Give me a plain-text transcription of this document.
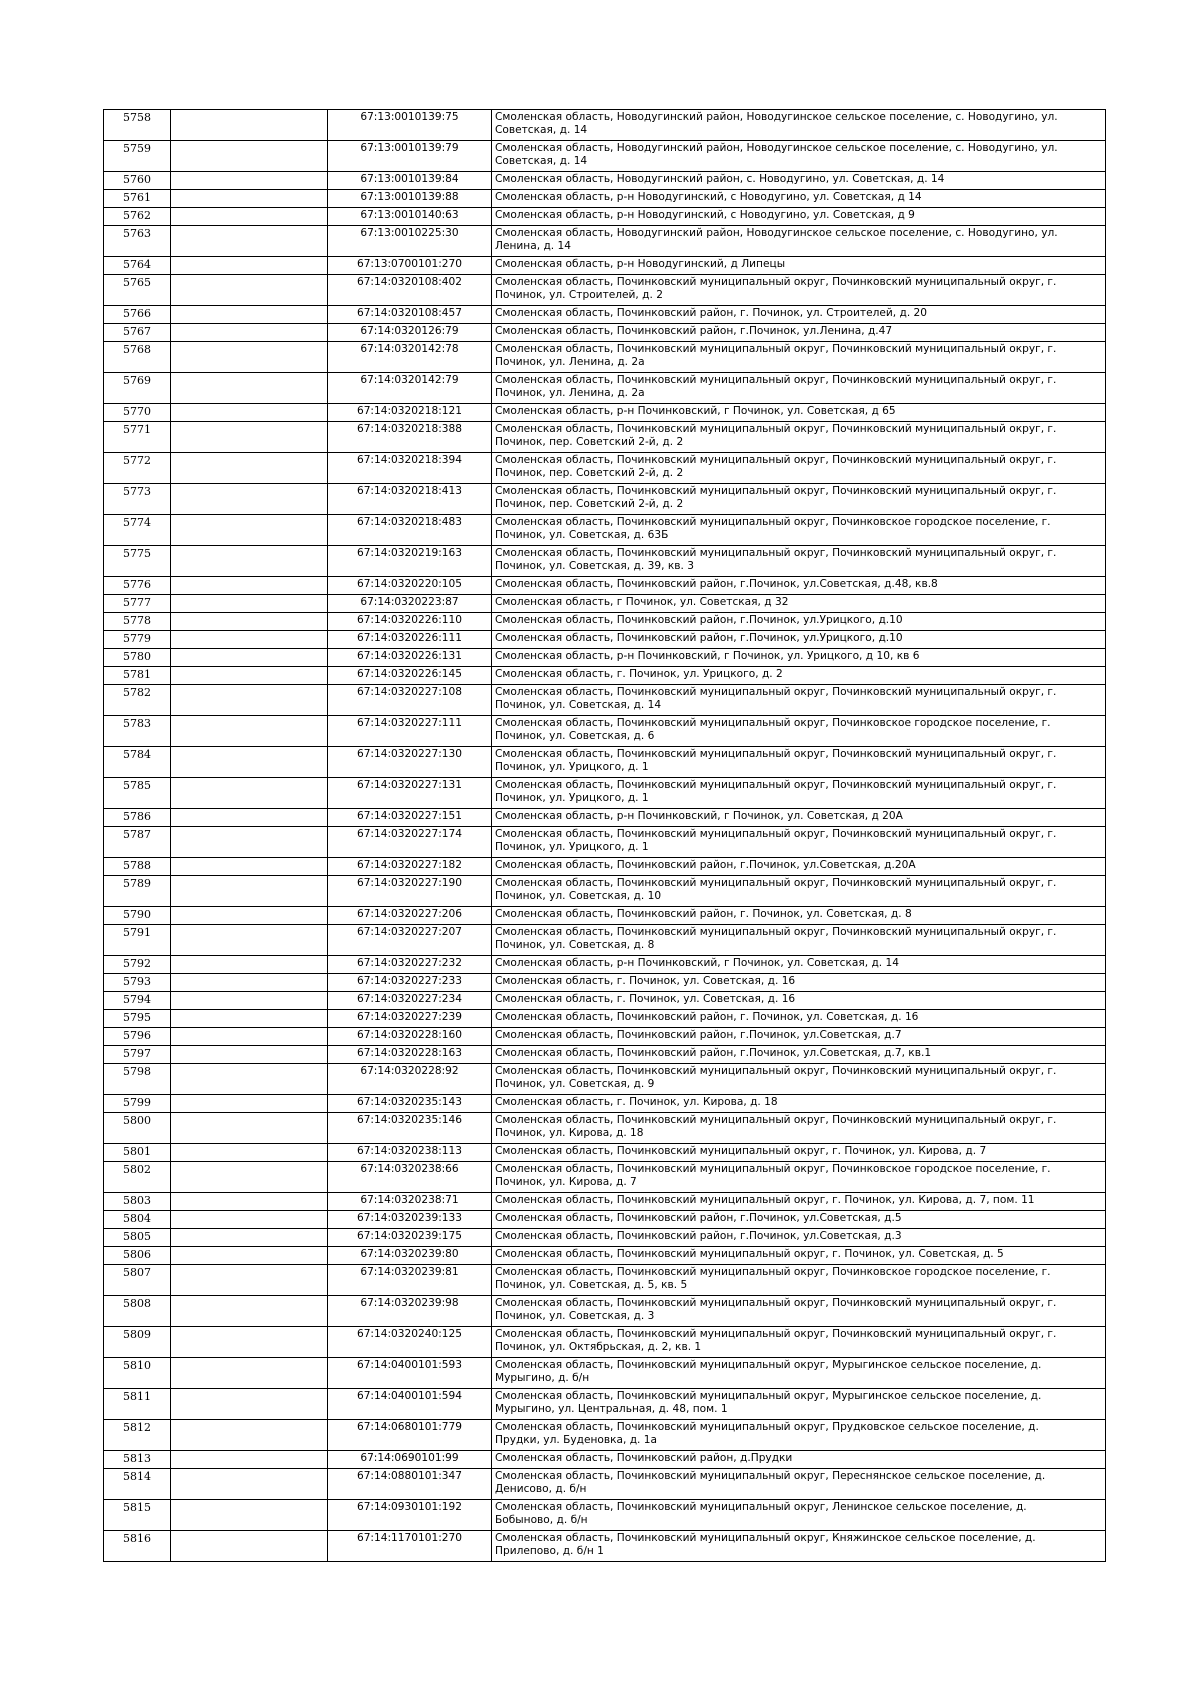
5758		67:13:0010139:75	Смоленская область, Новодугинский район, Новодугинское сельское поселение, с. Новодугино, ул.
Советская, д. 14

5759		67:13:0010139:79	Смоленская область, Новодугинский район, Новодугинское сельское поселение, с. Новодугино, ул.
Советская, д. 14

5760		67:13:0010139:84	Смоленская область, Новодугинский район, с. Новодугино, ул. Советская, д. 14

5761		67:13:0010139:88	Смоленская область, р-н Новодугинский, с Новодугино, ул. Советская, д 14

5762		67:13:0010140:63	Смоленская область, р-н Новодугинский, с Новодугино, ул. Советская, д 9

5763		67:13:0010225:30	Смоленская область, Новодугинский район, Новодугинское сельское поселение, с. Новодугино, ул.
Ленина, д. 14

5764		67:13:0700101:270	Смоленская область, р-н Новодугинский, д Липецы

5765		67:14:0320108:402	Смоленская область, Починковский муниципальный округ, Починковский муниципальный округ, г.
Починок, ул. Строителей, д. 2

5766		67:14:0320108:457	Смоленская область, Починковский район, г. Починок, ул. Строителей, д. 20

5767		67:14:0320126:79	Смоленская область, Починковский район, г.Починок, ул.Ленина, д.47

5768		67:14:0320142:78	Смоленская область, Починковский муниципальный округ, Починковский муниципальный округ, г.
Починок, ул. Ленина, д. 2а

5769		67:14:0320142:79	Смоленская область, Починковский муниципальный округ, Починковский муниципальный округ, г.
Починок, ул. Ленина, д. 2а

5770		67:14:0320218:121	Смоленская область, р-н Починковский, г Починок, ул. Советская, д 65

5771		67:14:0320218:388	Смоленская область, Починковский муниципальный округ, Починковский муниципальный округ, г.
Починок, пер. Советский 2-й, д. 2

5772		67:14:0320218:394	Смоленская область, Починковский муниципальный округ, Починковский муниципальный округ, г.
Починок, пер. Советский 2-й, д. 2

5773		67:14:0320218:413	Смоленская область, Починковский муниципальный округ, Починковский муниципальный округ, г.
Починок, пер. Советский 2-й, д. 2

5774		67:14:0320218:483	Смоленская область, Починковский муниципальный округ, Починковское городское поселение, г.
Починок, ул. Советская, д. 63Б

5775		67:14:0320219:163	Смоленская область, Починковский муниципальный округ, Починковский муниципальный округ, г.
Починок, ул. Советская, д. 39, кв. 3

5776		67:14:0320220:105	Смоленская область, Починковский район, г.Починок, ул.Советская, д.48, кв.8

5777		67:14:0320223:87	Смоленская область, г Починок, ул. Советская, д 32

5778		67:14:0320226:110	Смоленская область, Починковский район, г.Починок, ул.Урицкого, д.10

5779		67:14:0320226:111	Смоленская область, Починковский район, г.Починок, ул.Урицкого, д.10

5780		67:14:0320226:131	Смоленская область, р-н Починковский, г Починок, ул. Урицкого, д 10, кв 6

5781		67:14:0320226:145	Смоленская область, г. Починок, ул. Урицкого, д. 2

5782		67:14:0320227:108	Смоленская область, Починковский муниципальный округ, Починковский муниципальный округ, г.
Починок, ул. Советская, д. 14

5783		67:14:0320227:111	Смоленская область, Починковский муниципальный округ, Починковское городское поселение, г.
Починок, ул. Советская, д. 6

5784		67:14:0320227:130	Смоленская область, Починковский муниципальный округ, Починковский муниципальный округ, г.
Починок, ул. Урицкого, д. 1

5785		67:14:0320227:131	Смоленская область, Починковский муниципальный округ, Починковский муниципальный округ, г.
Починок, ул. Урицкого, д. 1

5786		67:14:0320227:151	Смоленская область, р-н Починковский, г Починок, ул. Советская, д 20А

5787		67:14:0320227:174	Смоленская область, Починковский муниципальный округ, Починковский муниципальный округ, г.
Починок, ул. Урицкого, д. 1

5788		67:14:0320227:182	Смоленская область, Починковский район, г.Починок, ул.Советская, д.20А

5789		67:14:0320227:190	Смоленская область, Починковский муниципальный округ, Починковский муниципальный округ, г.
Починок, ул. Советская, д. 10

5790		67:14:0320227:206	Смоленская область, Починковский район, г. Починок, ул. Советская, д. 8

5791		67:14:0320227:207	Смоленская область, Починковский муниципальный округ, Починковский муниципальный округ, г.
Починок, ул. Советская, д. 8

5792		67:14:0320227:232	Смоленская область, р-н Починковский, г Починок, ул. Советская, д. 14

5793		67:14:0320227:233	Смоленская область, г. Починок, ул. Советская, д. 16

5794		67:14:0320227:234	Смоленская область, г. Починок, ул. Советская, д. 16

5795		67:14:0320227:239	Смоленская область, Починковский район, г. Починок, ул. Советская, д. 16

5796		67:14:0320228:160	Смоленская область, Починковский район, г.Починок, ул.Советская, д.7

5797		67:14:0320228:163	Смоленская область, Починковский район, г.Починок, ул.Советская, д.7, кв.1

5798		67:14:0320228:92	Смоленская область, Починковский муниципальный округ, Починковский муниципальный округ, г.
Починок, ул. Советская, д. 9

5799		67:14:0320235:143	Смоленская область, г. Починок, ул. Кирова, д. 18

5800		67:14:0320235:146	Смоленская область, Починковский муниципальный округ, Починковский муниципальный округ, г.
Починок, ул. Кирова, д. 18

5801		67:14:0320238:113	Смоленская область, Починковский муниципальный округ, г. Починок, ул. Кирова, д. 7

5802		67:14:0320238:66	Смоленская область, Починковский муниципальный округ, Починковское городское поселение, г.
Починок, ул. Кирова, д. 7

5803		67:14:0320238:71	Смоленская область, Починковский муниципальный округ, г. Починок, ул. Кирова, д. 7, пом. 11

5804		67:14:0320239:133	Смоленская область, Починковский район, г.Починок, ул.Советская, д.5

5805		67:14:0320239:175	Смоленская область, Починковский район, г.Починок, ул.Советская, д.3

5806		67:14:0320239:80	Смоленская область, Починковский муниципальный округ, г. Починок, ул. Советская, д. 5

5807		67:14:0320239:81	Смоленская область, Починковский муниципальный округ, Починковское городское поселение, г.
Починок, ул. Советская, д. 5, кв. 5

5808		67:14:0320239:98	Смоленская область, Починковский муниципальный округ, Починковский муниципальный округ, г.
Починок, ул. Советская, д. 3

5809		67:14:0320240:125	Смоленская область, Починковский муниципальный округ, Починковский муниципальный округ, г.
Починок, ул. Октябрьская, д. 2, кв. 1

5810		67:14:0400101:593	Смоленская область, Починковский муниципальный округ, Мурыгинское сельское поселение, д.
Мурыгино, д. б/н

5811		67:14:0400101:594	Смоленская область, Починковский муниципальный округ, Мурыгинское сельское поселение, д.
Мурыгино, ул. Центральная, д. 48, пом. 1

5812		67:14:0680101:779	Смоленская область, Починковский муниципальный округ, Прудковское сельское поселение, д.
Прудки, ул. Буденовка, д. 1а

5813		67:14:0690101:99	Смоленская область, Починковский район, д.Прудки

5814		67:14:0880101:347	Смоленская область, Починковский муниципальный округ, Переснянское сельское поселение, д.
Денисово, д. б/н

5815		67:14:0930101:192	Смоленская область, Починковский муниципальный округ, Ленинское сельское поселение, д.
Бобыново, д. б/н

5816		67:14:1170101:270	Смоленская область, Починковский муниципальный округ, Княжинское сельское поселение, д.
Прилепово, д. б/н 1
